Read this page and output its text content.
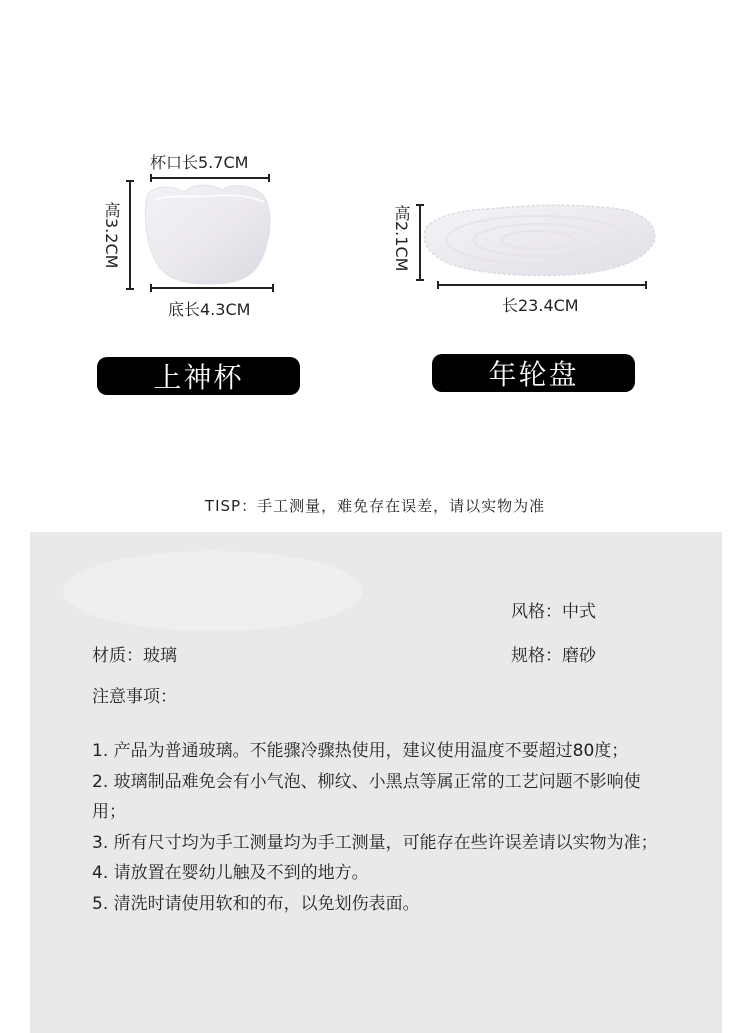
杯口长5.7CM
高3.2CM
底长4.3CM
上神杯
高2.1CM
长23.4CM
年轮盘
TISP：手工测量，难免存在误差，请以实物为准
风格：中式
材质：玻璃	规格：磨砂
注意事项：

1. 产品为普通玻璃。不能骤冷骤热使用，建议使用温度不要超过80度；

2. 玻璃制品难免会有小气泡、柳纹、小黑点等属正常的工艺问题不影响使用；

3. 所有尺寸均为手工测量均为手工测量，可能存在些许误差请以实物为准；

4. 请放置在婴幼儿触及不到的地方。

5. 清洗时请使用软和的布，以免划伤表面。
